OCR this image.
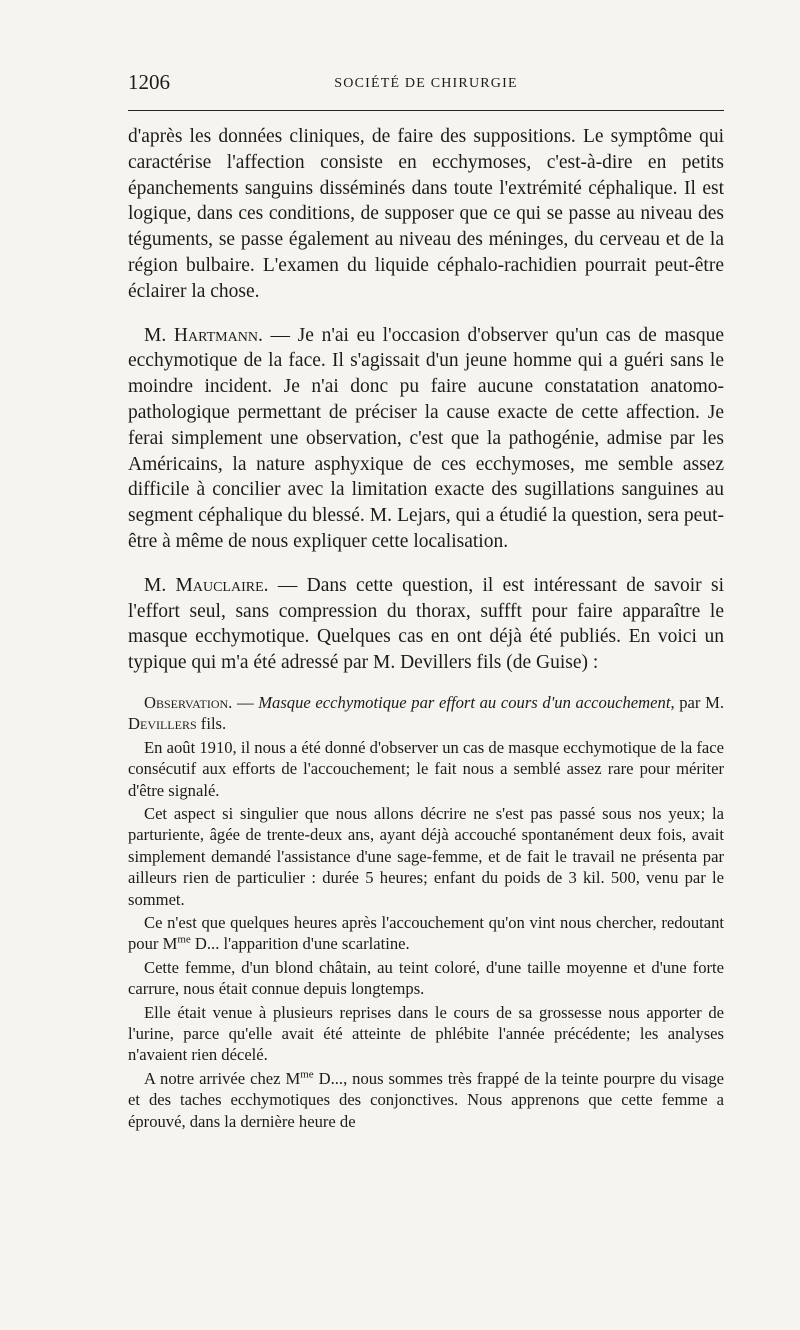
1206	SOCIÉTÉ DE CHIRURGIE

d'après les données cliniques, de faire des suppositions. Le symptôme qui caractérise l'affection consiste en ecchymoses, c'est-à-dire en petits épanchements sanguins disséminés dans toute l'extrémité céphalique. Il est logique, dans ces conditions, de supposer que ce qui se passe au niveau des téguments, se passe également au niveau des méninges, du cerveau et de la région bulbaire. L'examen du liquide céphalo-rachidien pourrait peut-être éclairer la chose.

M. Hartmann. — Je n'ai eu l'occasion d'observer qu'un cas de masque ecchymotique de la face. Il s'agissait d'un jeune homme qui a guéri sans le moindre incident. Je n'ai donc pu faire aucune constatation anatomo-pathologique permettant de préciser la cause exacte de cette affection. Je ferai simplement une observation, c'est que la pathogénie, admise par les Américains, la nature asphyxique de ces ecchymoses, me semble assez difficile à concilier avec la limitation exacte des sugillations sanguines au segment céphalique du blessé. M. Lejars, qui a étudié la question, sera peut-être à même de nous expliquer cette localisation.

M. Mauclaire. — Dans cette question, il est intéressant de savoir si l'effort seul, sans compression du thorax, suffft pour faire apparaître le masque ecchymotique. Quelques cas en ont déjà été publiés. En voici un typique qui m'a été adressé par M. Devillers fils (de Guise) :

Observation. — Masque ecchymotique par effort au cours d'un accouchement, par M. Devillers fils.

En août 1910, il nous a été donné d'observer un cas de masque ecchymotique de la face consécutif aux efforts de l'accouchement; le fait nous a semblé assez rare pour mériter d'être signalé.

Cet aspect si singulier que nous allons décrire ne s'est pas passé sous nos yeux; la parturiente, âgée de trente-deux ans, ayant déjà accouché spontanément deux fois, avait simplement demandé l'assistance d'une sage-femme, et de fait le travail ne présenta par ailleurs rien de particulier : durée 5 heures; enfant du poids de 3 kil. 500, venu par le sommet.

Ce n'est que quelques heures après l'accouchement qu'on vint nous chercher, redoutant pour $M^{me}$ D... l'apparition d'une scarlatine.

Cette femme, d'un blond châtain, au teint coloré, d'une taille moyenne et d'une forte carrure, nous était connue depuis longtemps.

Elle était venue à plusieurs reprises dans le cours de sa grossesse nous apporter de l'urine, parce qu'elle avait été atteinte de phlébite l'année précédente; les analyses n'avaient rien décelé.

A notre arrivée chez $M^{me}$ D..., nous sommes très frappé de la teinte pourpre du visage et des taches ecchymotiques des conjonctives. Nous apprenons que cette femme a éprouvé, dans la dernière heure de
